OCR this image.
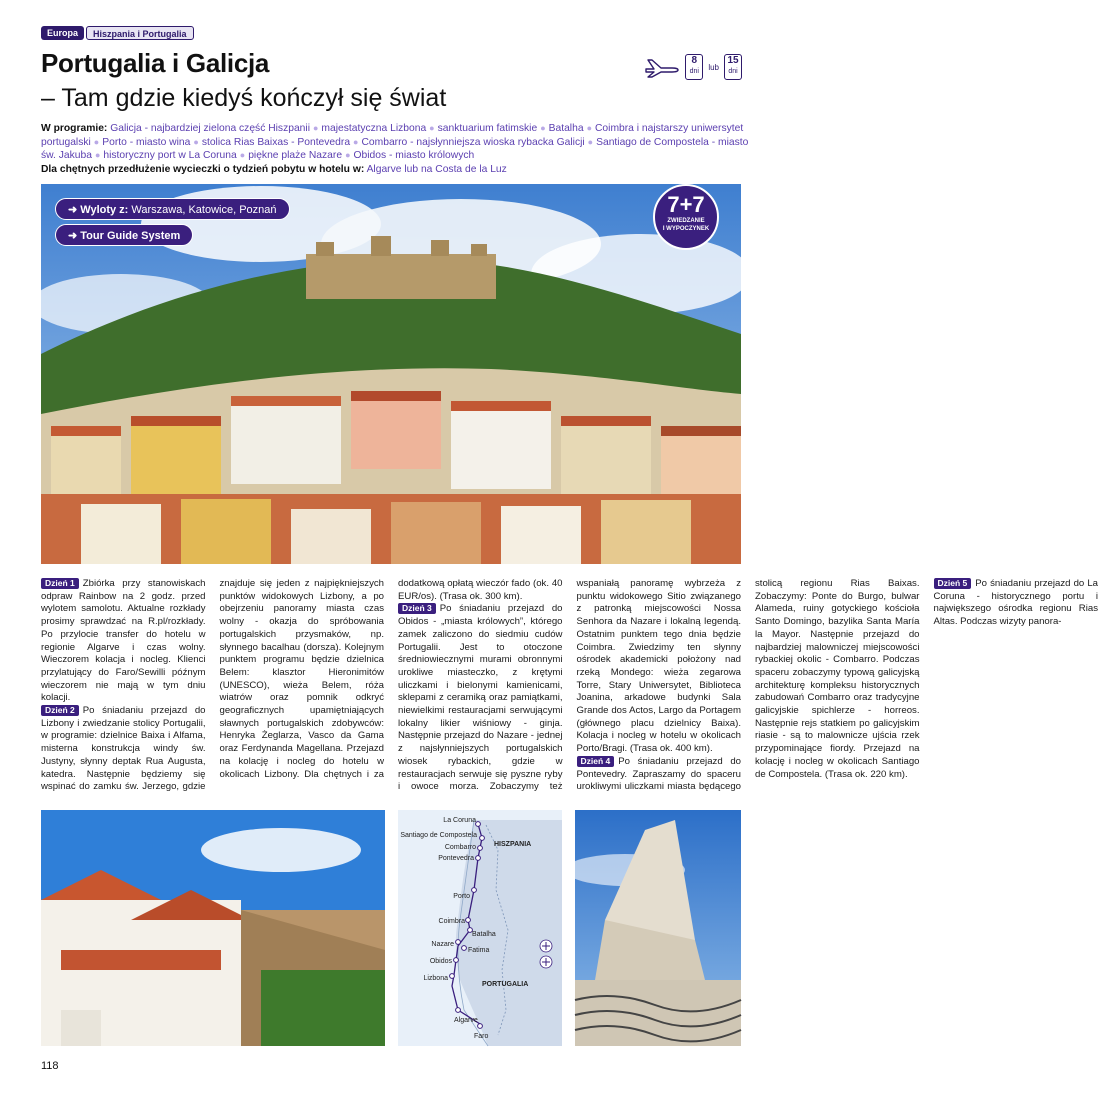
Europa	Hiszpania i Portugalia
Portugalia i Galicja
– Tam gdzie kiedyś kończył się świat
8
dni	lub
15
dni
W programie: Galicja - najbardziej zielona część Hiszpanii ● majestatyczna Lizbona ● sanktuarium fatimskie ● Batalha ● Coimbra i najstarszy uniwersytet portugalski ● Porto - miasto wina ● stolica Rias Baixas - Pontevedra ● Combarro - najsłynniejsza wioska rybacka Galicji ● Santiago de Compostela - miasto św. Jakuba ● historyczny port w La Coruna ● piękne plaże Nazare ● Obidos - miasto królowych
Dla chętnych przedłużenie wycieczki o tydzień pobytu w hotelu w: Algarve lub na Costa de la Luz
➜ Wyloty z: Warszawa, Katowice, Poznań
➜ Tour Guide System
7+7
ZWIEDZANIE
I WYPOCZYNEK

Dzień 1 Zbiórka przy stanowiskach odpraw Rainbow na 2 godz. przed wylotem samolotu. Aktualne rozkłady prosimy sprawdzać na R.pl/rozkłady. Po przylocie transfer do hotelu w regionie Algarve i czas wolny. Wieczorem kolacja i nocleg. Klienci przylatujący do Faro/Sewilli późnym wieczorem nie mają w tym dniu kolacji.

Dzień 2 Po śniadaniu przejazd do Lizbony i zwiedzanie stolicy Portugalii, w programie: dzielnice Baixa i Alfama, misterna konstrukcja windy św. Justyny, słynny deptak Rua Augusta, katedra. Następnie będziemy się wspinać do zamku św. Jerzego, gdzie znajduje się jeden z najpiękniejszych punktów widokowych Lizbony, a po obejrzeniu panoramy miasta czas wolny - okazja do spróbowania portugalskich przysmaków, np. słynnego bacalhau (dorsza). Kolejnym punktem programu będzie dzielnica Belem: klasztor Hieronimitów (UNESCO), wieża Belem, róża wiatrów oraz pomnik odkryć geograficznych upamiętniających sławnych portugalskich zdobywców: Henryka Żeglarza, Vasco da Gama oraz Ferdynanda Magellana. Przejazd na kolację i nocleg do hotelu w okolicach Lizbony. Dla chętnych i za dodatkową opłatą wieczór fado (ok. 40 EUR/os). (Trasa ok. 300 km).

Dzień 3 Po śniadaniu przejazd do Obidos - „miasta królowych”, którego zamek zaliczono do siedmiu cudów Portugalii. Jest to otoczone średniowiecznymi murami obronnymi urokliwe miasteczko, z krętymi uliczkami i bielonymi kamienicami, sklepami z ceramiką oraz pamiątkami, niewielkimi restauracjami serwującymi lokalny likier wiśniowy - ginja. Następnie przejazd do Nazare - jednej z najsłynniejszych portugalskich wiosek rybackich, gdzie w restauracjach serwuje się pyszne ryby i owoce morza. Zobaczymy też wspaniałą panoramę wybrzeża z punktu widokowego Sitio związanego z patronką miejscowości Nossa Senhora da Nazare i lokalną legendą. Ostatnim punktem tego dnia będzie Coimbra. Zwiedzimy ten słynny ośrodek akademicki położony nad rzeką Mondego: wieża zegarowa Torre, Stary Uniwersytet, Biblioteca Joanina, arkadowe budynki Sala Grande dos Actos, Largo da Portagem (głównego placu dzielnicy Baixa). Kolacja i nocleg w hotelu w okolicach Porto/Bragi. (Trasa ok. 400 km).

Dzień 4 Po śniadaniu przejazd do Pontevedry. Zapraszamy do spaceru urokliwymi uliczkami miasta będącego stolicą regionu Rias Baixas. Zobaczymy: Ponte do Burgo, bulwar Alameda, ruiny gotyckiego kościoła Santo Domingo, bazylika Santa María la Mayor. Następnie przejazd do najbardziej malowniczej miejscowości rybackiej okolic - Combarro. Podczas spaceru zobaczymy typową galicyjską architekturę kompleksu historycznych zabudowań Combarro oraz tradycyjne galicyjskie spichlerze - horreos. Następnie rejs statkiem po galicyjskim riasie - są to malownicze ujścia rzek przypominające fiordy. Przejazd na kolację i nocleg w okolicach Santiago de Compostela. (Trasa ok. 220 km).

Dzień 5 Po śniadaniu przejazd do La Coruna - historycznego portu i największego ośrodka regionu Rias Altas. Podczas wizyty panora-

La Coruna
Santiago de Compostela
Combarro
Pontevedra
Porto
Coimbra
Batalha
Nazare
Fatima
Obidos
Lizbona
Algarve
Faro
HISZPANIA
PORTUGALIA
118
